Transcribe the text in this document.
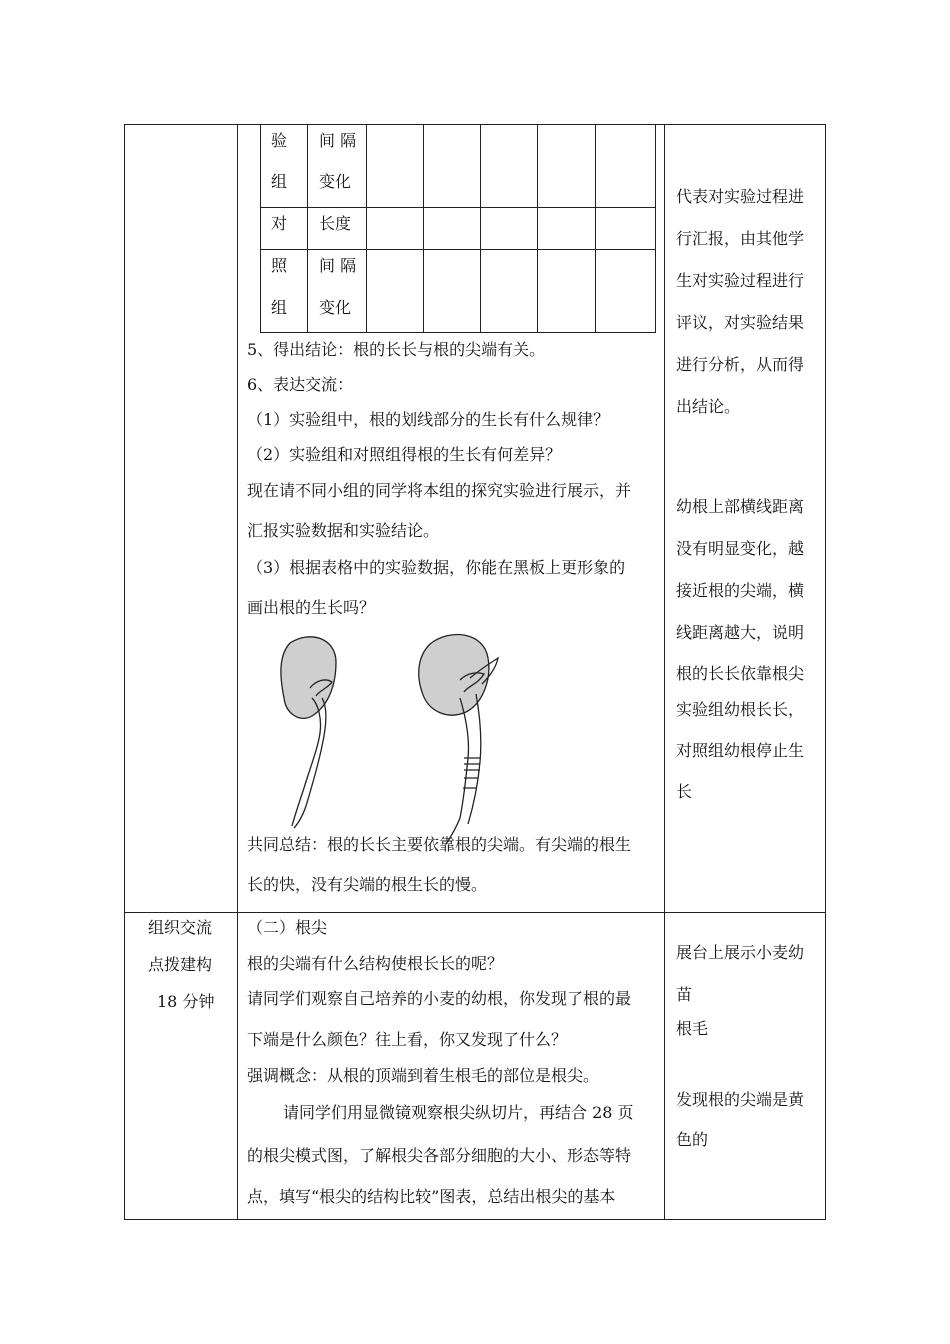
验
组
间 隔
变化
对 长度
照
组
间 隔
变化
5、得出结论：根的长长与根的尖端有关。
6、表达交流：
（1）实验组中，根的划线部分的生长有什么规律？
（2）实验组和对照组得根的生长有何差异？
现在请不同小组的同学将本组的探究实验进行展示，并
汇报实验数据和实验结论。
（3）根据表格中的实验数据，你能在黑板上更形象的
画出根的生长吗？
共同总结：根的长长主要依靠根的尖端。有尖端的根生
长的快，没有尖端的根生长的慢。
代表对实验过程进
行汇报，由其他学
生对实验过程进行
评议，对实验结果
进行分析，从而得
出结论。
幼根上部横线距离
没有明显变化，越
接近根的尖端，横
线距离越大，说明
根的长长依靠根尖
实验组幼根长长，
对照组幼根停止生
长
组织交流
点拨建构
18 分钟
（二）根尖
根的尖端有什么结构使根长长的呢？
请同学们观察自己培养的小麦的幼根，你发现了根的最
下端是什么颜色？往上看，你又发现了什么？
强调概念：从根的顶端到着生根毛的部位是根尖。
请同学们用显微镜观察根尖纵切片，再结合 28 页
的根尖模式图，了解根尖各部分细胞的大小、形态等特
点，填写“根尖的结构比较”图表，总结出根尖的基本
展台上展示小麦幼
苗
根毛
发现根的尖端是黄
色的
